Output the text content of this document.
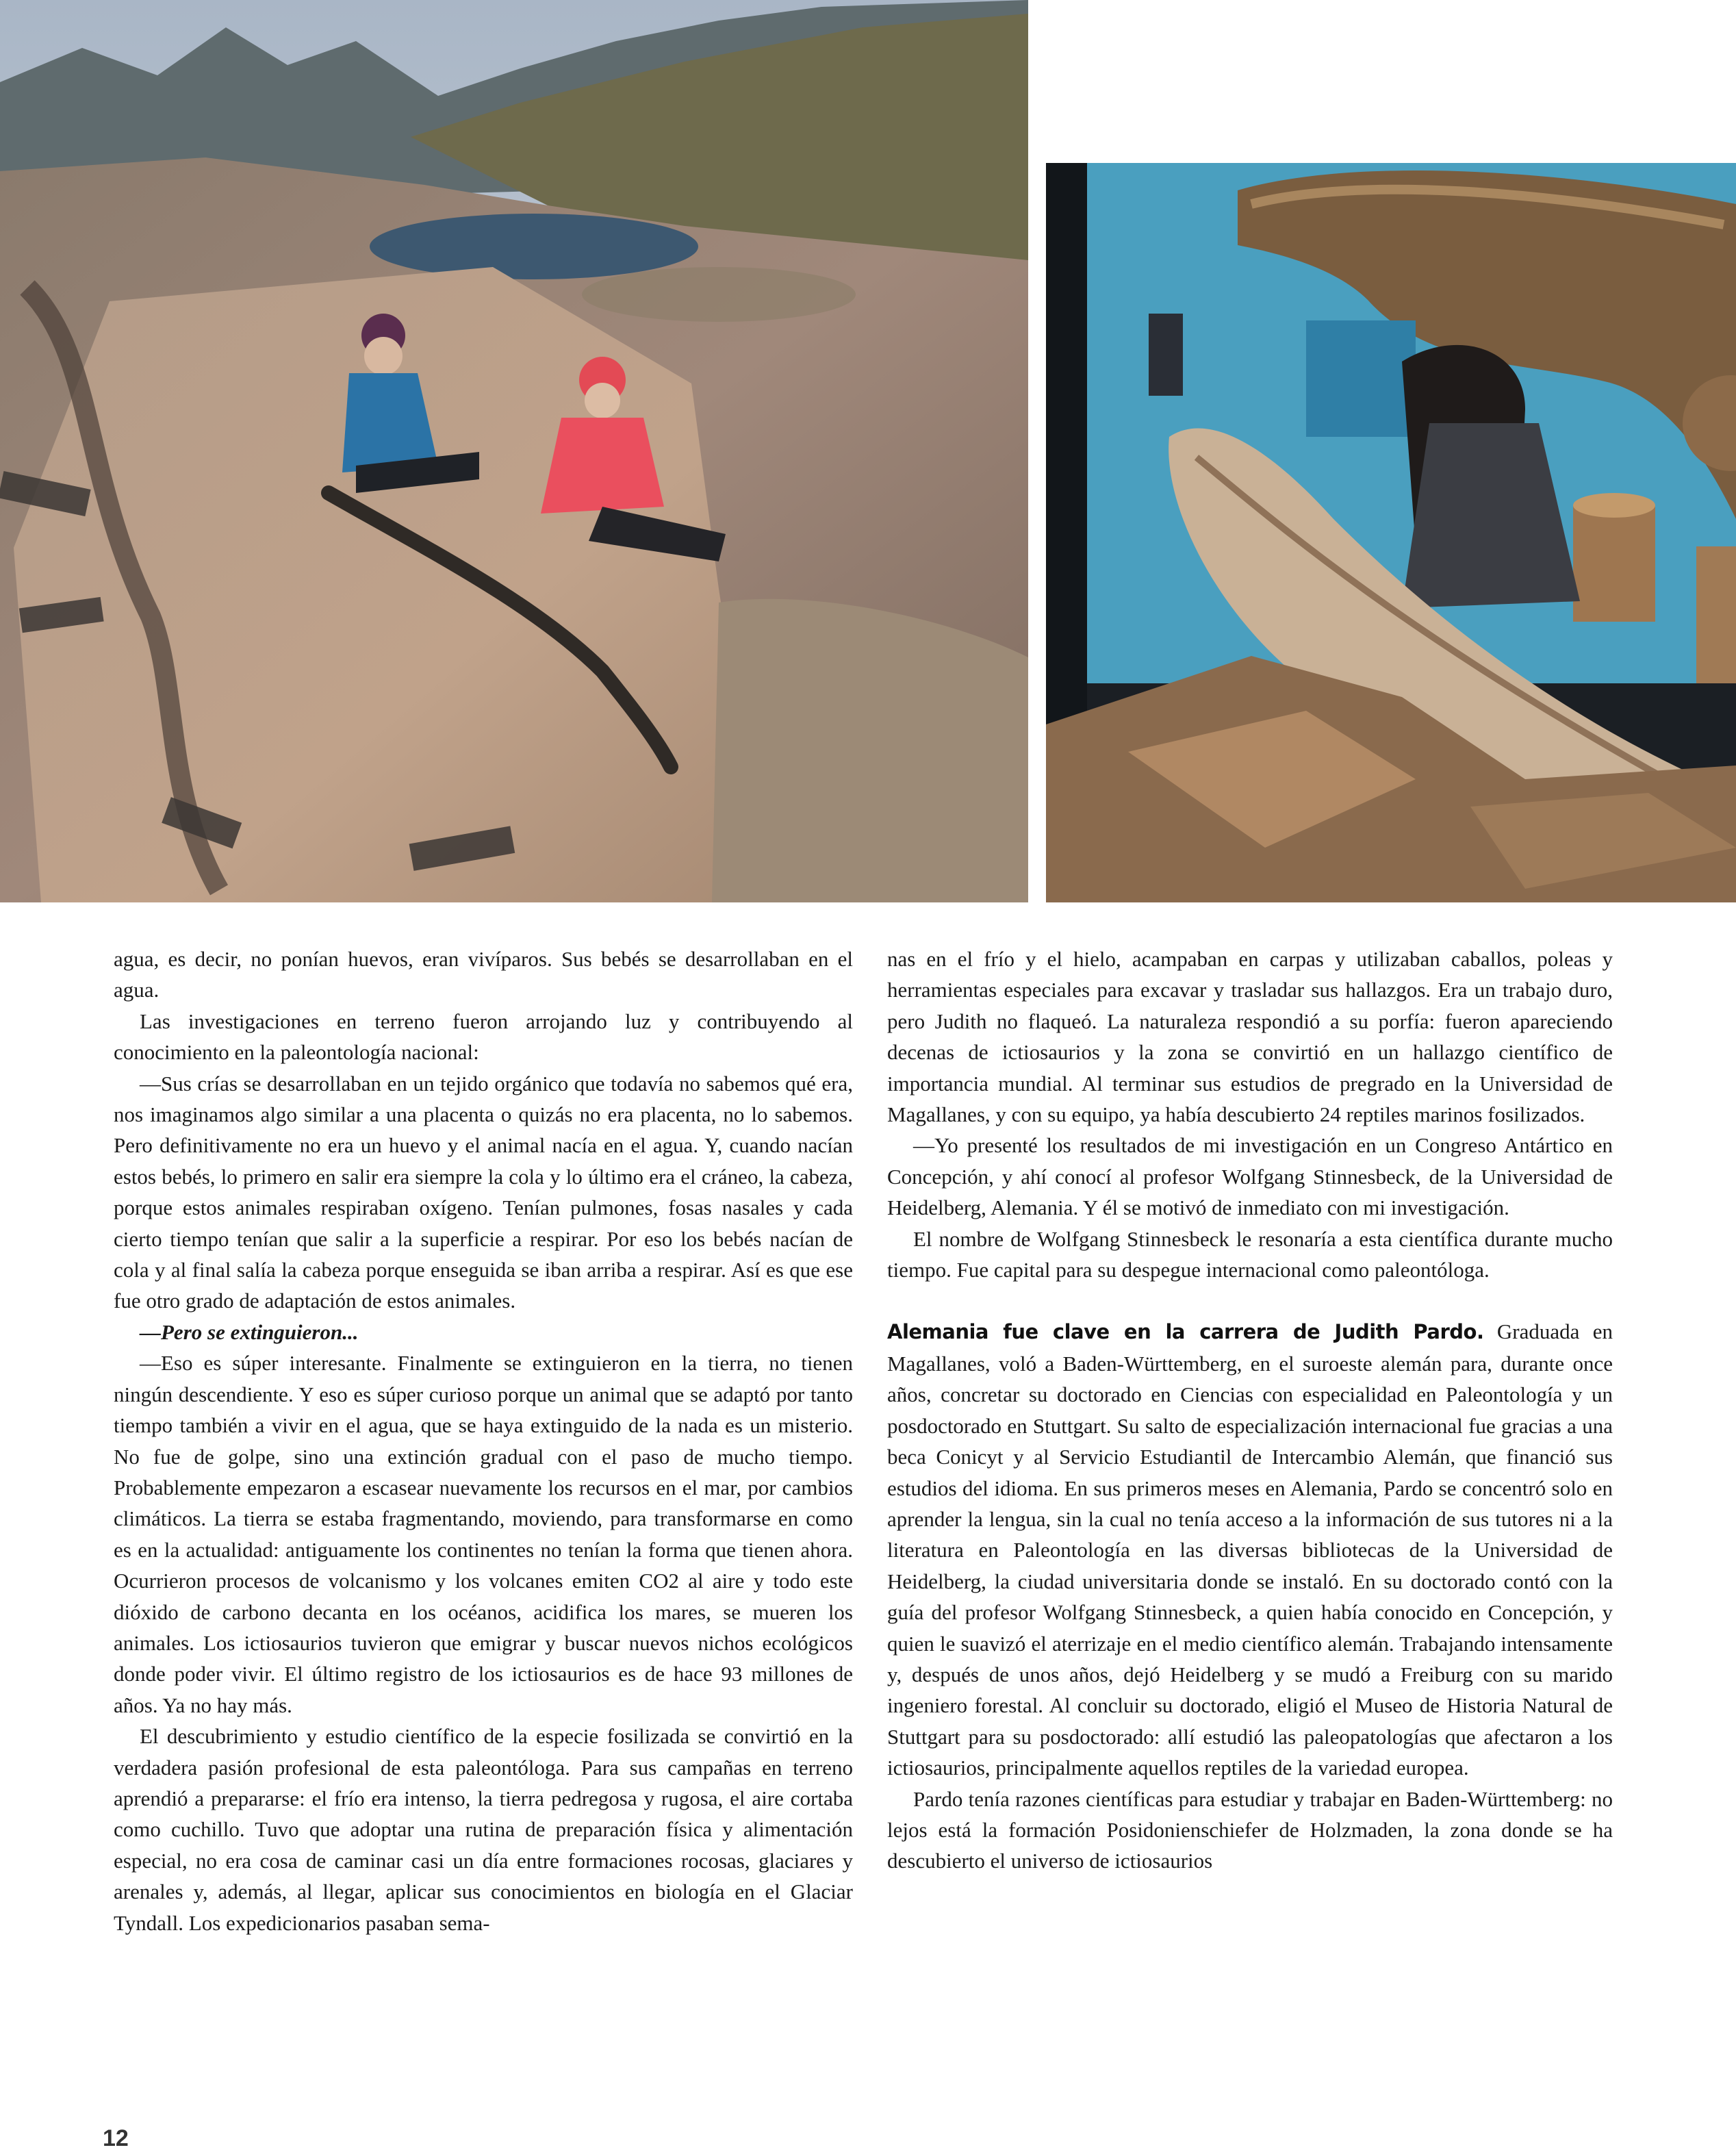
agua, es decir, no ponían huevos, eran vivíparos. Sus bebés se desarrollaban en el agua.

Las investigaciones en terreno fueron arrojando luz y contribuyendo al conocimiento en la paleontología nacional:

—Sus crías se desarrollaban en un tejido orgánico que todavía no sabemos qué era, nos imaginamos algo similar a una placenta o quizás no era placenta, no lo sabemos. Pero definitivamente no era un huevo y el animal nacía en el agua. Y, cuando nacían estos bebés, lo primero en salir era siempre la cola y lo último era el cráneo, la cabeza, porque estos animales respiraban oxígeno. Tenían pulmones, fosas nasales y cada cierto tiempo tenían que salir a la superficie a respirar. Por eso los bebés nacían de cola y al final salía la cabeza porque enseguida se iban arriba a respirar. Así es que ese fue otro grado de adaptación de estos animales.

—Pero se extinguieron...

—Eso es súper interesante. Finalmente se extinguieron en la tierra, no tienen ningún descendiente. Y eso es súper curioso porque un animal que se adaptó por tanto tiempo también a vivir en el agua, que se haya extinguido de la nada es un misterio. No fue de golpe, sino una extinción gradual con el paso de mucho tiempo. Probablemente empezaron a escasear nuevamente los recursos en el mar, por cambios climáticos. La tierra se estaba fragmentando, moviendo, para transformarse en como es en la actualidad: antiguamente los continentes no tenían la forma que tienen ahora. Ocurrieron procesos de volcanismo y los volcanes emiten CO2 al aire y todo este dióxido de carbono decanta en los océanos, acidifica los mares, se mueren los animales. Los ictiosaurios tuvieron que emigrar y buscar nuevos nichos ecológicos donde poder vivir. El último registro de los ictiosaurios es de hace 93 millones de años. Ya no hay más.

El descubrimiento y estudio científico de la especie fosilizada se convirtió en la verdadera pasión profesional de esta paleontóloga. Para sus campañas en terreno aprendió a prepararse: el frío era intenso, la tierra pedregosa y rugosa, el aire cortaba como cuchillo. Tuvo que adoptar una rutina de preparación física y alimentación especial, no era cosa de caminar casi un día entre formaciones rocosas, glaciares y arenales y, además, al llegar, aplicar sus conocimientos en biología en el Glaciar Tyndall. Los expedicionarios pasaban sema-

nas en el frío y el hielo, acampaban en carpas y utilizaban caballos, poleas y herramientas especiales para excavar y trasladar sus hallazgos. Era un trabajo duro, pero Judith no flaqueó. La naturaleza respondió a su porfía: fueron apareciendo decenas de ictiosaurios y la zona se convirtió en un hallazgo científico de importancia mundial. Al terminar sus estudios de pregrado en la Universidad de Magallanes, y con su equipo, ya había descubierto 24 reptiles marinos fosilizados.

—Yo presenté los resultados de mi investigación en un Congreso Antártico en Concepción, y ahí conocí al profesor Wolfgang Stinnesbeck, de la Universidad de Heidelberg, Alemania. Y él se motivó de inmediato con mi investigación.

El nombre de Wolfgang Stinnesbeck le resonaría a esta científica durante mucho tiempo. Fue capital para su despegue internacional como paleontóloga.

Alemania fue clave en la carrera de Judith Pardo. Graduada en Magallanes, voló a Baden-Württemberg, en el suroeste alemán para, durante once años, concretar su doctorado en Ciencias con especialidad en Paleontología y un posdoctorado en Stuttgart. Su salto de especialización internacional fue gracias a una beca Conicyt y al Servicio Estudiantil de Intercambio Alemán, que financió sus estudios del idioma. En sus primeros meses en Alemania, Pardo se concentró solo en aprender la lengua, sin la cual no tenía acceso a la información de sus tutores ni a la literatura en Paleontología en las diversas bibliotecas de la Universidad de Heidelberg, la ciudad universitaria donde se instaló. En su doctorado contó con la guía del profesor Wolfgang Stinnesbeck, a quien había conocido en Concepción, y quien le suavizó el aterrizaje en el medio científico alemán. Trabajando intensamente y, después de unos años, dejó Heidelberg y se mudó a Freiburg con su marido ingeniero forestal. Al concluir su doctorado, eligió el Museo de Historia Natural de Stuttgart para su posdoctorado: allí estudió las paleopatologías que afectaron a los ictiosaurios, principalmente aquellos reptiles de la variedad europea.

Pardo tenía razones científicas para estudiar y trabajar en Baden-Württemberg: no lejos está la formación Posidonienschiefer de Holzmaden, la zona donde se ha descubierto el universo de ictiosaurios

12
